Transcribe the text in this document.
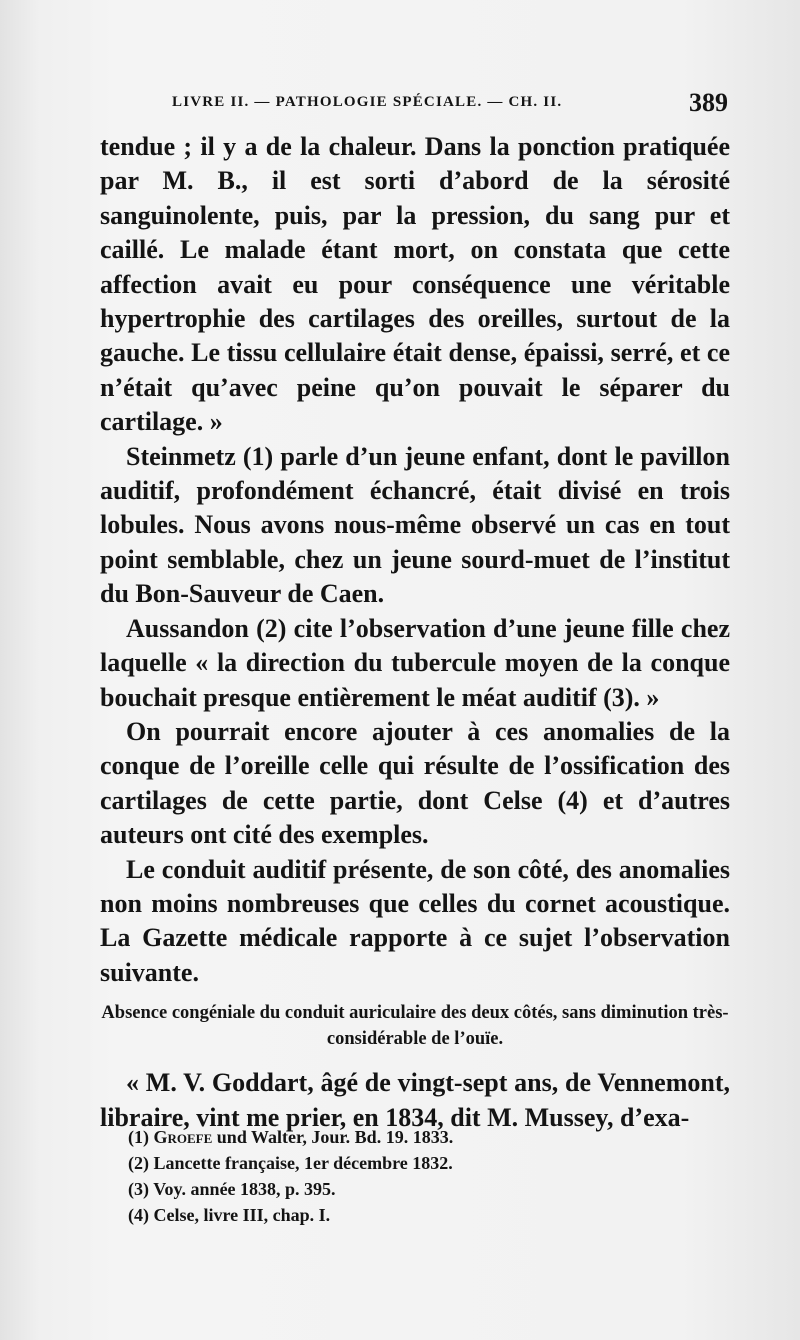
LIVRE II. — PATHOLOGIE SPÉCIALE. — CH. II.	389

tendue ; il y a de la chaleur. Dans la ponction pratiquée par M. B., il est sorti d’abord de la sérosité sanguinolente, puis, par la pression, du sang pur et caillé. Le malade étant mort, on constata que cette affection avait eu pour conséquence une véritable hypertrophie des cartilages des oreilles, surtout de la gauche. Le tissu cellulaire était dense, épaissi, serré, et ce n’était qu’avec peine qu’on pouvait le séparer du cartilage. »

Steinmetz (1) parle d’un jeune enfant, dont le pavillon auditif, profondément échancré, était divisé en trois lobules. Nous avons nous-même observé un cas en tout point semblable, chez un jeune sourd-muet de l’institut du Bon-Sauveur de Caen.

Aussandon (2) cite l’observation d’une jeune fille chez laquelle « la direction du tubercule moyen de la conque bouchait presque entièrement le méat auditif (3). »

On pourrait encore ajouter à ces anomalies de la conque de l’oreille celle qui résulte de l’ossification des cartilages de cette partie, dont Celse (4) et d’autres auteurs ont cité des exemples.

Le conduit auditif présente, de son côté, des anomalies non moins nombreuses que celles du cornet acoustique. La Gazette médicale rapporte à ce sujet l’observation suivante.

Absence congéniale du conduit auriculaire des deux côtés, sans diminution très-considérable de l’ouïe.

« M. V. Goddart, âgé de vingt-sept ans, de Vennemont, libraire, vint me prier, en 1834, dit M. Mussey, d’exa-

(1) Groefe und Walter, Jour. Bd. 19. 1833.
(2) Lancette française, 1er décembre 1832.
(3) Voy. année 1838, p. 395.
(4) Celse, livre III, chap. I.
